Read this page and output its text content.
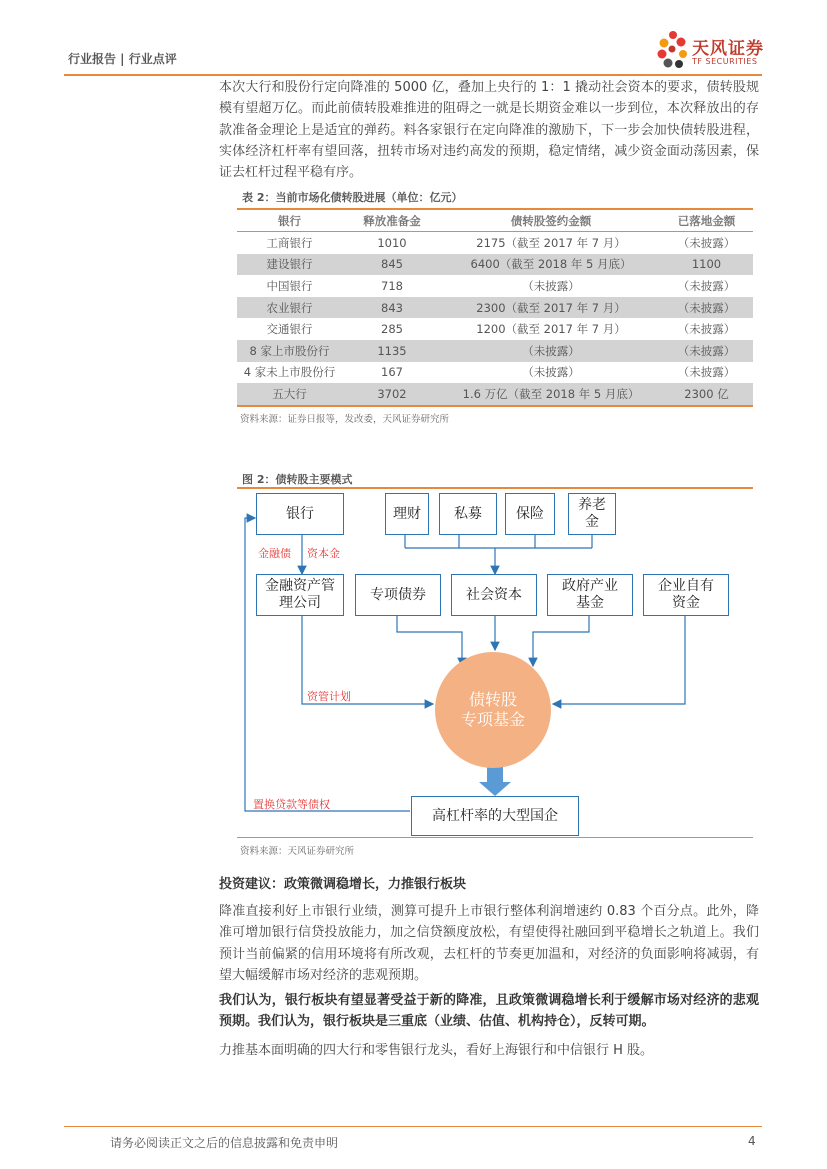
行业报告 | 行业点评	天风证券
TF SECURITIES
本次大行和股份行定向降准的 5000 亿，叠加上央行的 1：1 撬动社会资本的要求，债转股规模有望超万亿。而此前债转股难推进的阻碍之一就是长期资金难以一步到位，本次释放出的存款准备金理论上是适宜的弹药。料各家银行在定向降准的激励下，下一步会加快债转股进程，实体经济杠杆率有望回落，扭转市场对违约高发的预期，稳定情绪，减少资金面动荡因素，保证去杠杆过程平稳有序。
表 2：当前市场化债转股进展（单位：亿元）
银行	释放准备金	债转股签约金额	已落地金额
工商银行	1010	2175（截至 2017 年 7 月）	（未披露）
建设银行	845	6400（截至 2018 年 5 月底）	1100
中国银行	718	（未披露）	（未披露）
农业银行	843	2300（截至 2017 年 7 月）	（未披露）
交通银行	285	1200（截至 2017 年 7 月）	（未披露）
8 家上市股份行	1135	（未披露）	（未披露）
4 家未上市股份行	167	（未披露）	（未披露）
五大行	3702	1.6 万亿（截至 2018 年 5 月底）	2300 亿
资料来源：证券日报等，发改委，天风证券研究所
图 2：债转股主要模式
银行	理财 私募 保险
养老金
金融债 资本金
金融资产管理公司
专项债券	社会资本
政府产业基金
企业自有资金
资管计划	债转股
专项基金
置换贷款等债权
高杠杆率的大型国企
资料来源：天风证券研究所
投资建议：政策微调稳增长，力推银行板块
降准直接利好上市银行业绩，测算可提升上市银行整体利润增速约 0.83 个百分点。此外，降准可增加银行信贷投放能力，加之信贷额度放松，有望使得社融回到平稳增长之轨道上。我们预计当前偏紧的信用环境将有所改观，去杠杆的节奏更加温和，对经济的负面影响将减弱，有望大幅缓解市场对经济的悲观预期。
我们认为，银行板块有望显著受益于新的降准，且政策微调稳增长利于缓解市场对经济的悲观预期。我们认为，银行板块是三重底（业绩、估值、机构持仓），反转可期。
力推基本面明确的四大行和零售银行龙头，看好上海银行和中信银行 H 股。
请务必阅读正文之后的信息披露和免责申明	4
